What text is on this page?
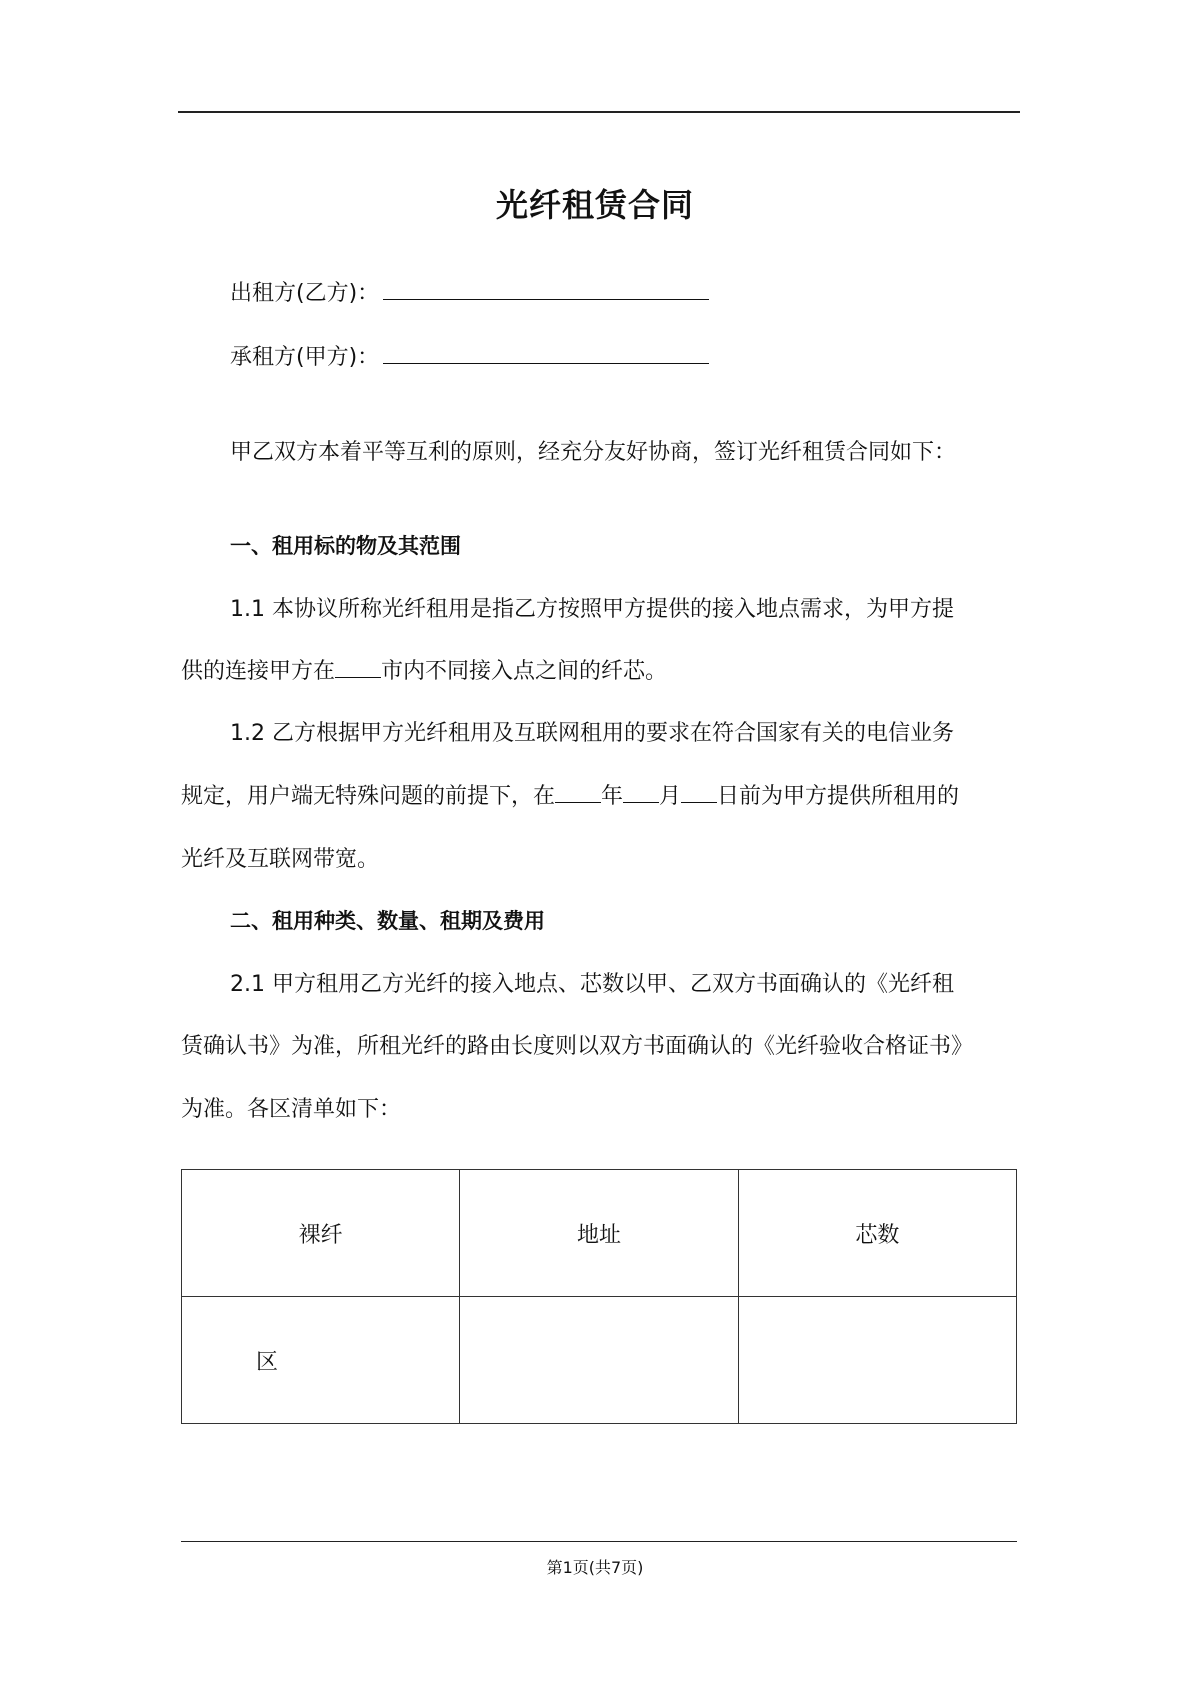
光纤租赁合同
出租方(乙方)：
承租方(甲方)：
甲乙双方本着平等互利的原则，经充分友好协商，签订光纤租赁合同如下：
一、租用标的物及其范围
1.1 本协议所称光纤租用是指乙方按照甲方提供的接入地点需求，为甲方提
供的连接甲方在 市内不同接入点之间的纤芯。
1.2 乙方根据甲方光纤租用及互联网租用的要求在符合国家有关的电信业务
规定，用户端无特殊问题的前提下，在 年 月 日前为甲方提供所租用的
光纤及互联网带宽。
二、租用种类、数量、租期及费用
2.1 甲方租用乙方光纤的接入地点、芯数以甲、乙双方书面确认的《光纤租
赁确认书》为准，所租光纤的路由长度则以双方书面确认的《光纤验收合格证书》
为准。各区清单如下：
裸纤	地址	芯数
区		
第1页(共7页)
